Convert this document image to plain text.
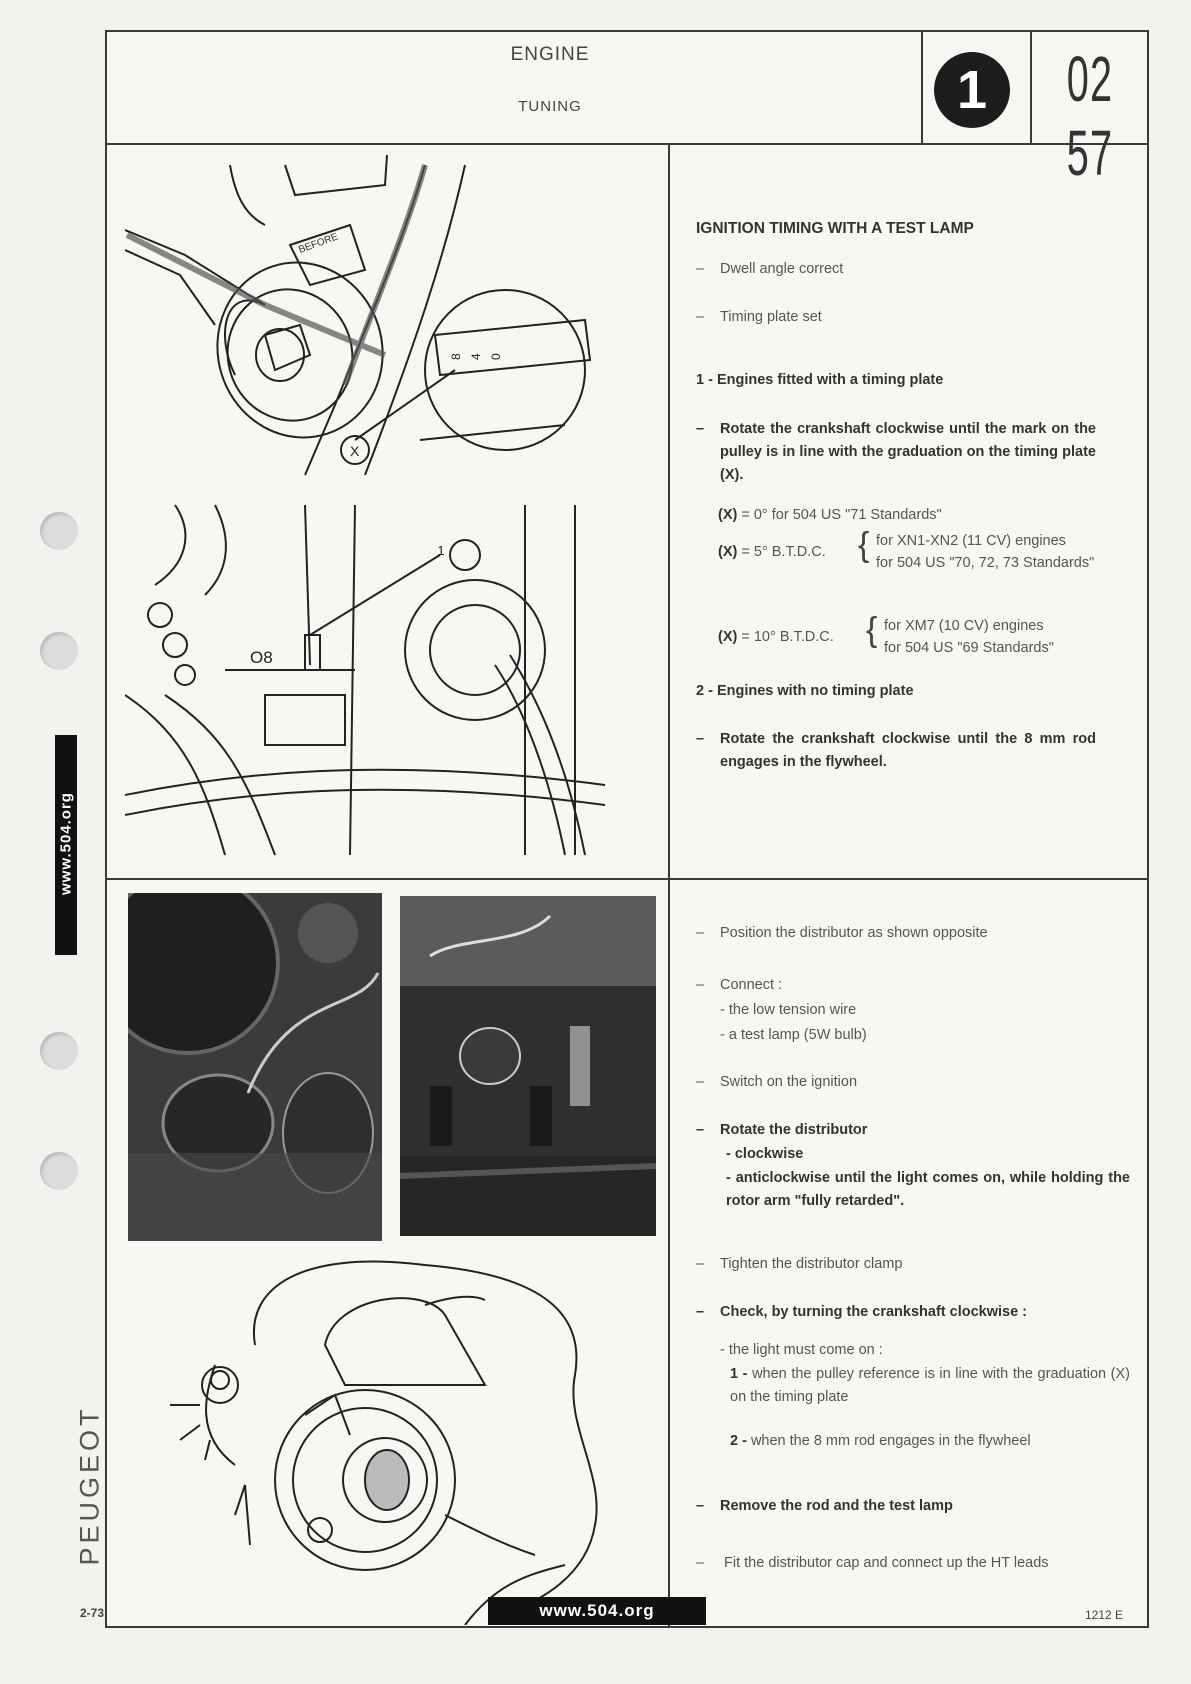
www.504.org
PEUGEOT
2-73
ENGINE
TUNING	1	02 57
BEFORE
8 4 0
X
O8
1
IGNITION TIMING WITH A TEST LAMP
– Dwell angle correct
– Timing plate set
1 - Engines fitted with a timing plate
–	Rotate the crankshaft clockwise until the mark on the pulley is in line with the graduation on the timing plate (X).
(X) = 0° for 504 US "71 Standards"
(X) = 5° B.T.D.C. { for XN1-XN2 (11 CV) engines
for 504 US "70, 72, 73 Standards"
(X) = 10° B.T.D.C. { for XM7 (10 CV) engines
for 504 US "69 Standards"
2 - Engines with no timing plate
–	Rotate the crankshaft clockwise until the 8 mm rod engages in the flywheel.
– Position the distributor as shown opposite
– Connect :
- the low tension wire
- a test lamp (5W bulb)
– Switch on the ignition
– Rotate the distributor
- clockwise
- anticlockwise until the light comes on, while holding the rotor arm "fully retarded".
– Tighten the distributor clamp
– Check, by turning the crankshaft clockwise :
- the light must come on :
1 - when the pulley reference is in line with the graduation (X) on the timing plate
2 - when the 8 mm rod engages in the flywheel
– Remove the rod and the test lamp
–	Fit the distributor cap and connect up the HT leads
www.504.org	1212 E
